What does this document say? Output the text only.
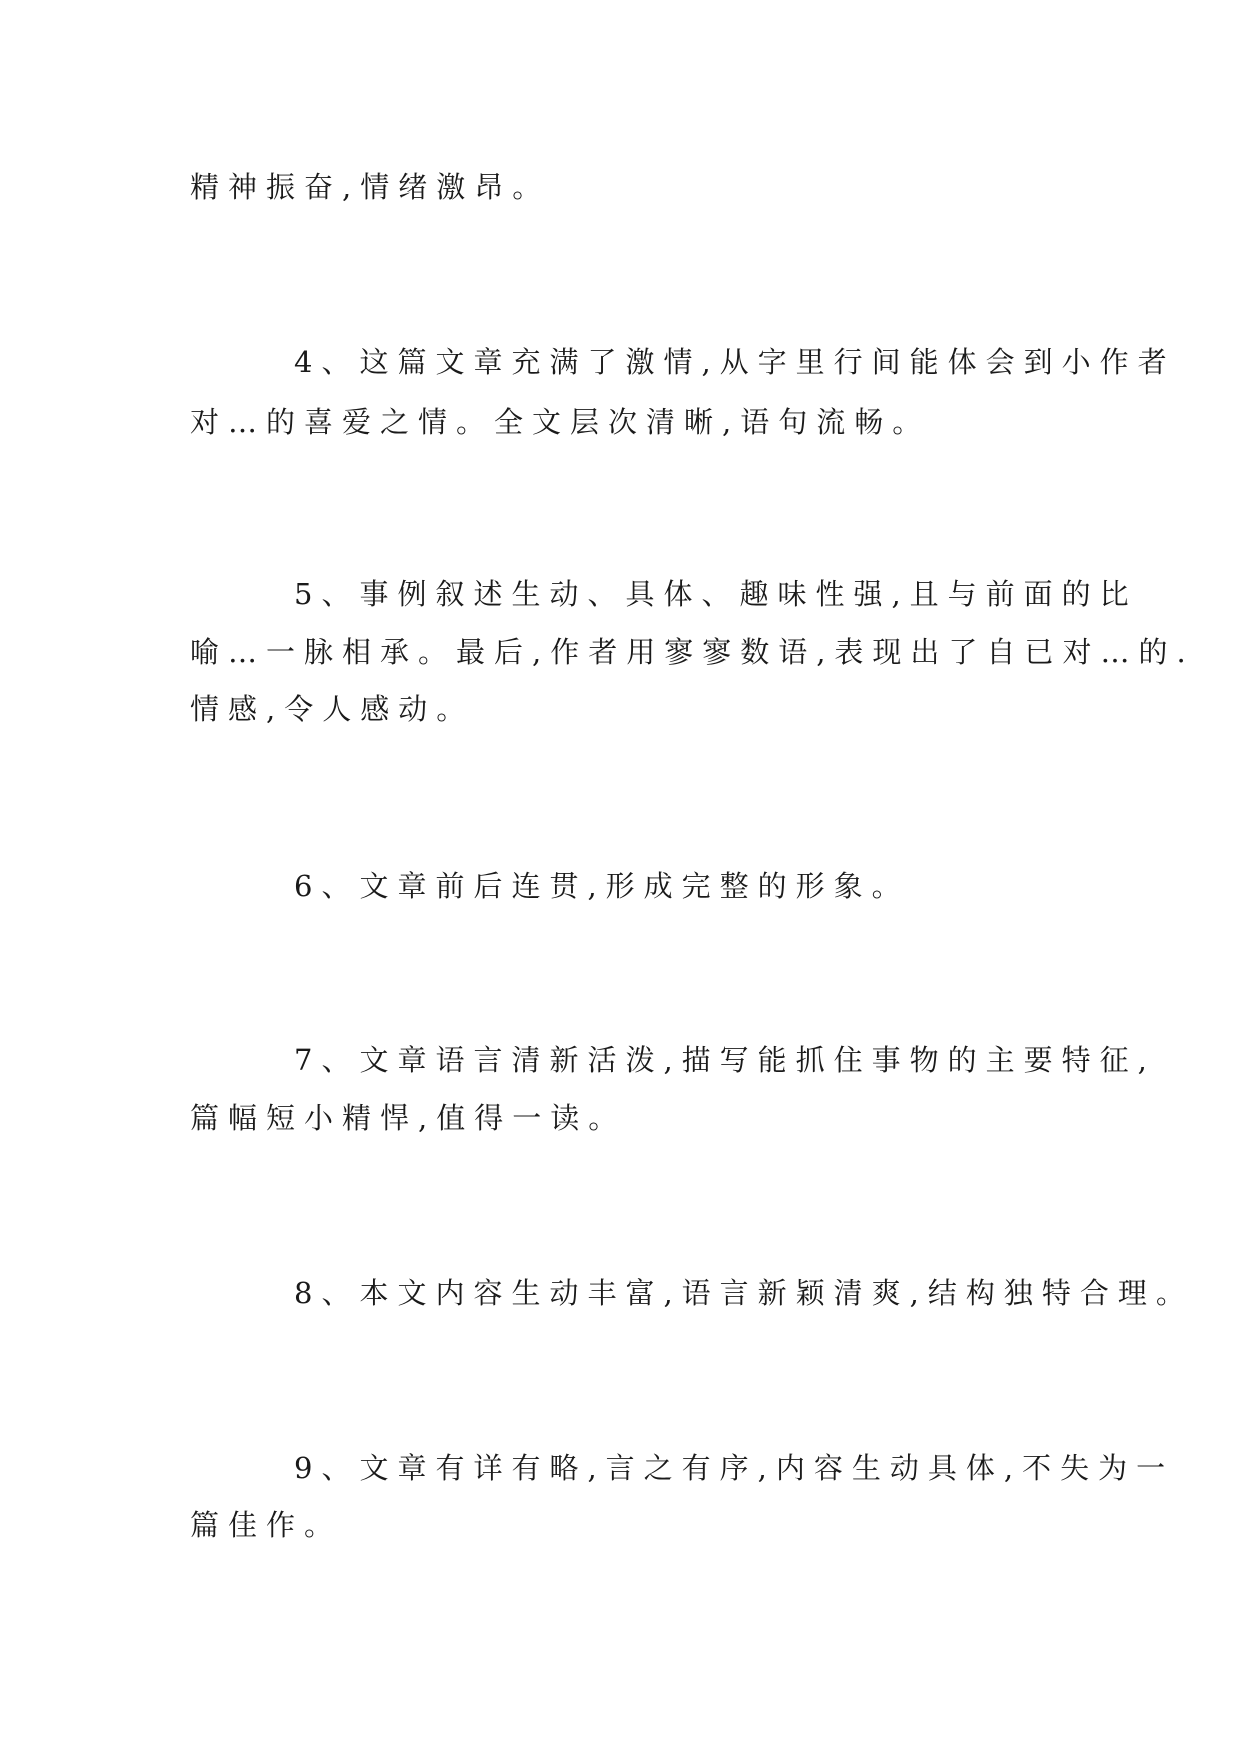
精神振奋,情绪激昂。

4、这篇文章充满了激情,从字里行间能体会到小作者

对…的喜爱之情。全文层次清晰,语句流畅。

5、事例叙述生动、具体、趣味性强,且与前面的比

喻…一脉相承。最后,作者用寥寥数语,表现出了自已对…的.

情感,令人感动。

6、文章前后连贯,形成完整的形象。

7、文章语言清新活泼,描写能抓住事物的主要特征,

篇幅短小精悍,值得一读。

8、本文内容生动丰富,语言新颖清爽,结构独特合理。

9、文章有详有略,言之有序,内容生动具体,不失为一

篇佳作。
